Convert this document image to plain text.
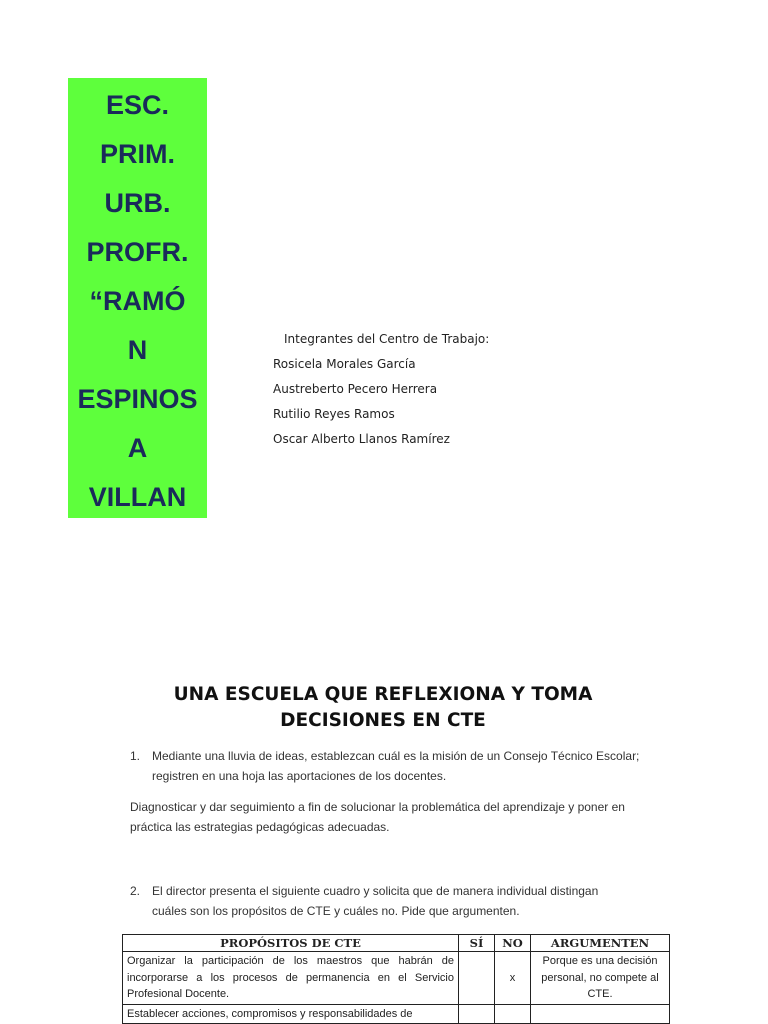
ESC.
PRIM.
URB.
PROFR.
“RAMÓ
N
ESPINOS
A
VILLAN
Integrantes del Centro de Trabajo:
Rosicela Morales García
Austreberto Pecero Herrera
Rutilio Reyes Ramos
Oscar Alberto Llanos Ramírez
UNA ESCUELA QUE REFLEXIONA Y TOMA
DECISIONES EN CTE
1. Mediante una lluvia de ideas, establezcan cuál es la misión de un Consejo Técnico Escolar;
registren en una hoja las aportaciones de los docentes.
Diagnosticar y dar seguimiento a fin de solucionar la problemática del aprendizaje y poner en
práctica las estrategias pedagógicas adecuadas.
2. El director presenta el siguiente cuadro y solicita que de manera individual distingan
cuáles son los propósitos de CTE y cuáles no. Pide que argumenten.
PROPÓSITOS DE CTE	SÍ	NO	ARGUMENTEN
Organizar la participación de los maestros que habrán de incorporarse a los procesos de permanencia en el Servicio Profesional Docente.		x	Porque es una decisión personal, no compete al CTE.
Establecer acciones, compromisos y responsabilidades de			
